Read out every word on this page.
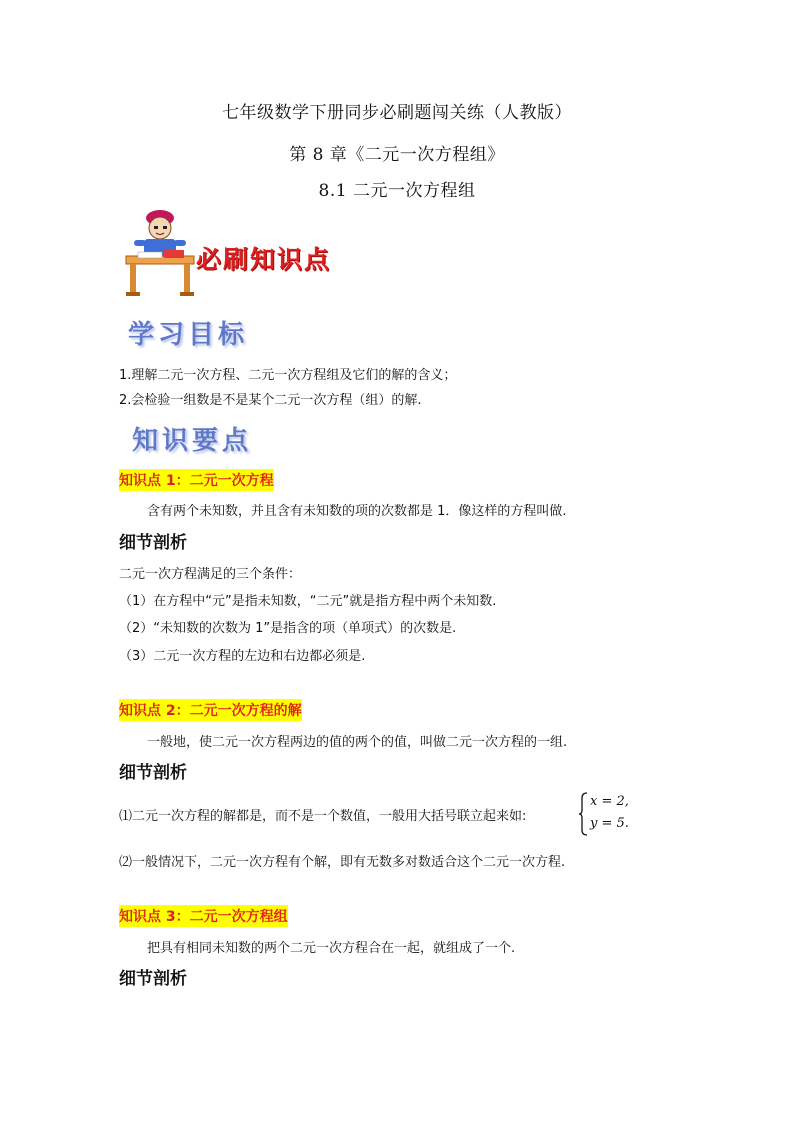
七年级数学下册同步必刷题闯关练（人教版）
第 8 章《二元一次方程组》
8.1 二元一次方程组
必刷知识点
学习目标
1.理解二元一次方程、二元一次方程组及它们的解的含义；
2.会检验一组数是不是某个二元一次方程（组）的解.
知识要点
知识点 1：二元一次方程
含有两个未知数，并且含有未知数的项的次数都是 1．像这样的方程叫做.
细节剖析
二元一次方程满足的三个条件：
（1）在方程中“元”是指未知数，“二元”就是指方程中两个未知数.
（2）“未知数的次数为 1”是指含的项（单项式）的次数是.
（3）二元一次方程的左边和右边都必须是.
知识点 2：二元一次方程的解
一般地，使二元一次方程两边的值的两个的值，叫做二元一次方程的一组.
细节剖析
⑴二元一次方程的解都是，而不是一个数值，一般用大括号联立起来如:
x = 2,
y = 5.
⑵一般情况下，二元一次方程有个解，即有无数多对数适合这个二元一次方程.
知识点 3：二元一次方程组
把具有相同未知数的两个二元一次方程合在一起，就组成了一个.
细节剖析
